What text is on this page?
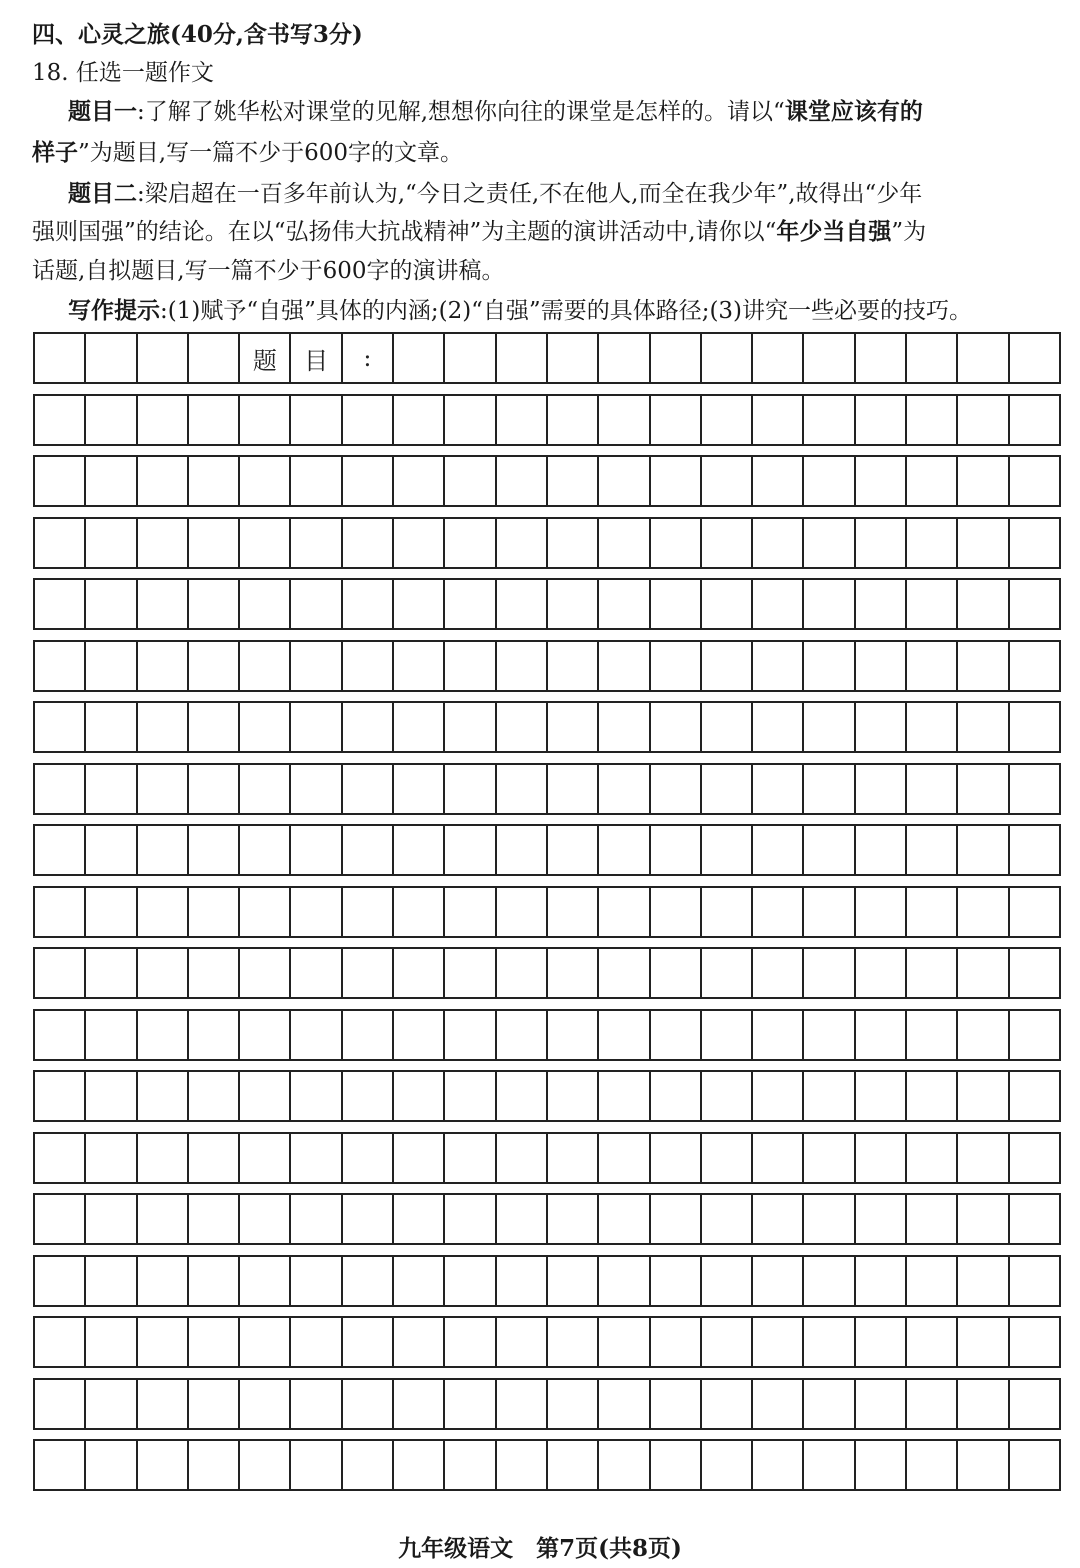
四、心灵之旅(40分,含书写3分)
18. 任选一题作文
题目一:了解了姚华松对课堂的见解,想想你向往的课堂是怎样的。请以“课堂应该有的
样子”为题目,写一篇不少于600字的文章。
题目二:梁启超在一百多年前认为,“今日之责任,不在他人,而全在我少年”,故得出“少年
强则国强”的结论。在以“弘扬伟大抗战精神”为主题的演讲活动中,请你以“年少当自强”为
话题,自拟题目,写一篇不少于600字的演讲稿。
写作提示:(1)赋予“自强”具体的内涵;(2)“自强”需要的具体路径;(3)讲究一些必要的技巧。
题	目	:
九年级语文　第7页(共8页)
